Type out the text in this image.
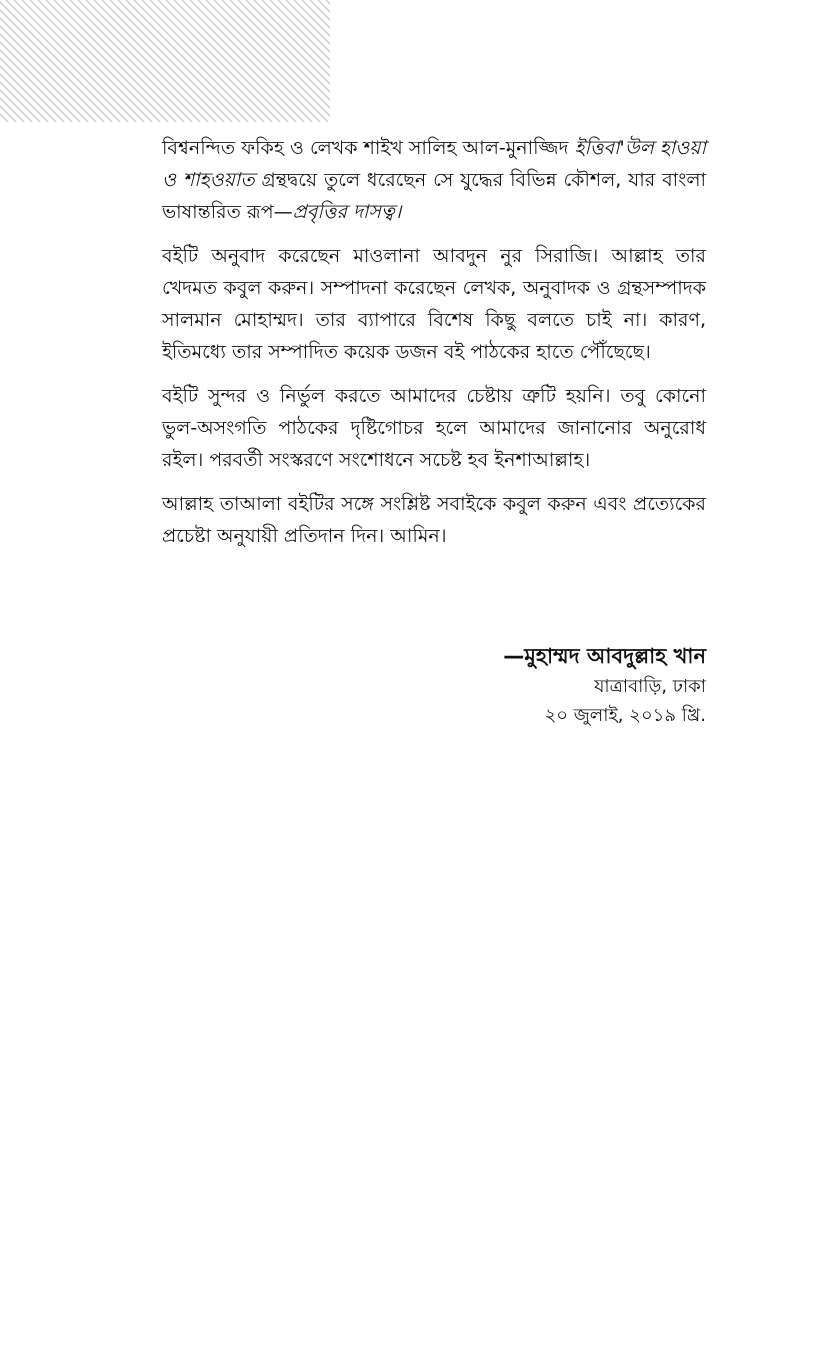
বিশ্বনন্দিত ফকিহ ও লেখক শাইখ সালিহ আল-মুনাজ্জিদ ইত্তিবা'উল হাওয়া ও শাহওয়াত গ্রন্থদ্বয়ে তুলে ধরেছেন সে যুদ্ধের বিভিন্ন কৌশল, যার বাংলা ভাষান্তরিত রূপ—প্রবৃত্তির দাসত্ব।

বইটি অনুবাদ করেছেন মাওলানা আবদুন নুর সিরাজি। আল্লাহ তার খেদমত কবুল করুন। সম্পাদনা করেছেন লেখক, অনুবাদক ও গ্রন্থসম্পাদক সালমান মোহাম্মদ। তার ব্যাপারে বিশেষ কিছু বলতে চাই না। কারণ, ইতিমধ্যে তার সম্পাদিত কয়েক ডজন বই পাঠকের হাতে পৌঁছেছে।

বইটি সুন্দর ও নির্ভুল করতে আমাদের চেষ্টায় ত্রুটি হয়নি। তবু কোনো ভুল-অসংগতি পাঠকের দৃষ্টিগোচর হলে আমাদের জানানোর অনুরোধ রইল। পরবর্তী সংস্করণে সংশোধনে সচেষ্ট হব ইনশাআল্লাহ।

আল্লাহ তাআলা বইটির সঙ্গে সংশ্লিষ্ট সবাইকে কবুল করুন এবং প্রত্যেকের প্রচেষ্টা অনুযায়ী প্রতিদান দিন। আমিন।

—মুহাম্মদ আবদুল্লাহ খান
যাত্রাবাড়ি, ঢাকা
২০ জুলাই, ২০১৯ খ্রি.
